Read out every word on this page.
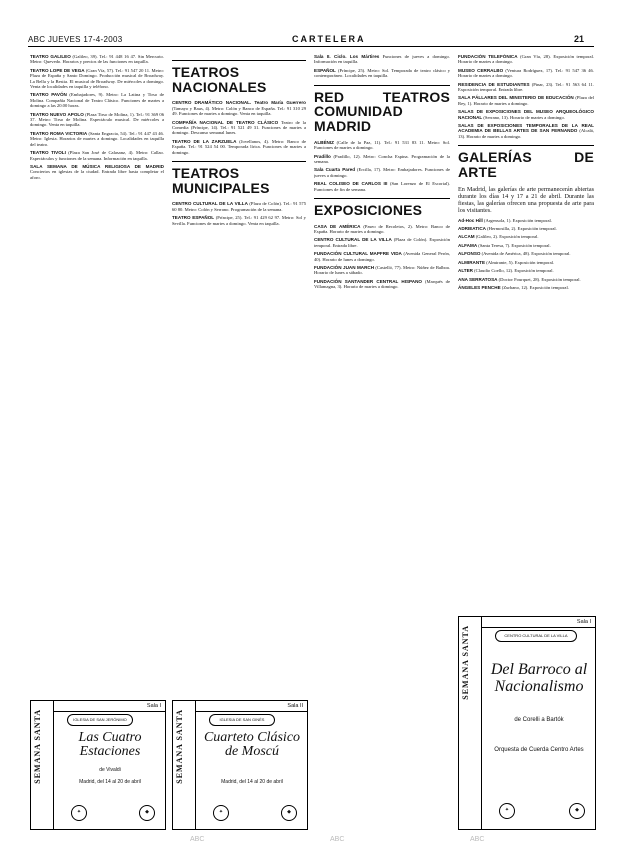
ABC JUEVES 17-4-2003	CARTELERA	21

TEATRO GALILEO (Galileo, 39). Tel.: 91 448 16 47. Sin Mercurio. Metro: Quevedo. Horarios y precios de las funciones en taquilla.

TEATRO LOPE DE VEGA (Gran Vía, 57). Tel.: 91 547 20 11. Metro: Plaza de España y Santo Domingo. Producción musical de Broadway. La Bella y la Bestia. El musical de Broadway. De miércoles a domingo. Venta de localidades en taquilla y teléfono.

TEATRO PAVÓN (Embajadores, 9). Metro: La Latina y Tirso de Molina. Compañía Nacional de Teatro Clásico. Funciones de martes a domingo a las 20.00 horas.

TEATRO NUEVO APOLO (Plaza Tirso de Molina, 1). Tel.: 91 369 06 37. Metro: Tirso de Molina. Espectáculo musical. De miércoles a domingo. Venta en taquilla.

TEATRO ROMA VICTORIA (Santa Engracia, 54). Tel.: 91 447 43 46. Metro: Iglesia. Horarios de martes a domingo. Localidades en taquilla del teatro.

TEATRO TIVOLI (Plaza San José de Calasanz, 4). Metro: Callao. Espectáculos y funciones de la semana. Información en taquilla.

SALA SEMANA DE MÚSICA RELIGIOSA DE MADRID Conciertos en iglesias de la ciudad. Entrada libre hasta completar el aforo.

TEATROS NACIONALES

CENTRO DRAMÁTICO NACIONAL. Teatro María Guerrero (Tamayo y Baus, 4). Metro: Colón y Banco de España. Tel.: 91 310 29 49. Funciones de martes a domingo. Venta en taquilla.

COMPAÑÍA NACIONAL DE TEATRO CLÁSICO Teatro de la Comedia (Príncipe, 14). Tel.: 91 521 49 31. Funciones de martes a domingo. Descanso semanal lunes.

TEATRO DE LA ZARZUELA (Jovellanos, 4). Metro: Banco de España. Tel.: 91 524 54 00. Temporada lírica. Funciones de martes a domingo.

TEATROS MUNICIPALES

CENTRO CULTURAL DE LA VILLA (Plaza de Colón). Tel.: 91 575 60 80. Metro: Colón y Serrano. Programación de la semana.

TEATRO ESPAÑOL (Príncipe, 25). Tel.: 91 429 62 97. Metro: Sol y Sevilla. Funciones de martes a domingo. Venta en taquilla.

Sala II. Ciclo. Los Mártires Funciones de jueves a domingo. Información en taquilla.

ESPAÑOL (Príncipe, 25). Metro: Sol. Temporada de teatro clásico y contemporáneo. Localidades en taquilla.

RED TEATROS COMUNIDAD MADRID

ALBÉNIZ (Calle de la Paz, 11). Tel.: 91 531 83 11. Metro: Sol. Funciones de martes a domingo.

Pradillo (Pradillo, 12). Metro: Concha Espina. Programación de la semana.

Sala Cuarta Pared (Ercilla, 17). Metro: Embajadores. Funciones de jueves a domingo.

REAL COLISEO DE CARLOS III (San Lorenzo de El Escorial). Funciones de fin de semana.

EXPOSICIONES

CASA DE AMÉRICA (Paseo de Recoletos, 2). Metro: Banco de España. Horario de martes a domingo.

CENTRO CULTURAL DE LA VILLA (Plaza de Colón). Exposición temporal. Entrada libre.

FUNDACIÓN CULTURAL MAPFRE VIDA (Avenida General Perón, 40). Horario de lunes a domingo.

FUNDACIÓN JUAN MARCH (Castelló, 77). Metro: Núñez de Balboa. Horario de lunes a sábado.

FUNDACIÓN SANTANDER CENTRAL HISPANO (Marqués de Villamagna, 3). Horario de martes a domingo.

FUNDACIÓN TELEFÓNICA (Gran Vía, 28). Exposición temporal. Horario de martes a domingo.

MUSEO CERRALBO (Ventura Rodríguez, 17). Tel.: 91 547 36 46. Horario de martes a domingo.

RESIDENCIA DE ESTUDIANTES (Pinar, 23). Tel.: 91 563 64 11. Exposición temporal. Entrada libre.

SALA PÁLLARES DEL MINISTERIO DE EDUCACIÓN (Plaza del Rey, 1). Horario de martes a domingo.

SALAS DE EXPOSICIONES DEL MUSEO ARQUEOLÓGICO NACIONAL (Serrano, 13). Horario de martes a domingo.

SALAS DE EXPOSICIONES TEMPORALES DE LA REAL ACADEMIA DE BELLAS ARTES DE SAN FERNANDO (Alcalá, 13). Horario de martes a domingo.

GALERÍAS DE ARTE
En Madrid, las galerías de arte permanecerán abiertas durante los días 14 y 17 a 21 de abril. Durante las fiestas, las galerías ofrecen una propuesta de arte para los visitantes.

Ad-Hoc Hill (Argensola, 1). Exposición temporal.

ADRIEATICA (Hermosilla, 2). Exposición temporal.

ALCAM (Galileo, 2). Exposición temporal.

ALFAMA (Santa Teresa, 7). Exposición temporal.

ALFONSO (Avenida de América, 48). Exposición temporal.

ALMIRANTE (Almirante, 5). Exposición temporal.

ALTER (Claudio Coello, 12). Exposición temporal.

ANA SERRATOSA (Doctor Fourquet, 28). Exposición temporal.

ÁNGELES PENCHE (Zurbano, 12). Exposición temporal.

SEMANA SANTA
Sala I
IGLESIA DE SAN JERÓNIMO
Las Cuatro Estaciones
de Vivaldi
Madrid, del 14 al 20 de abril
✦	◆
SEMANA SANTA
Sala II
IGLESIA DE SAN GINÉS
Cuarteto Clásico de Moscú
Madrid, del 14 al 20 de abril
✦	◆
SEMANA SANTA
Sala I
CENTRO CULTURAL DE LA VILLA
Del Barroco al Nacionalismo
de Corelli a Bartók
Orquesta de Cuerda Centro Artes
✦	◆
ABC	ABC	ABC
